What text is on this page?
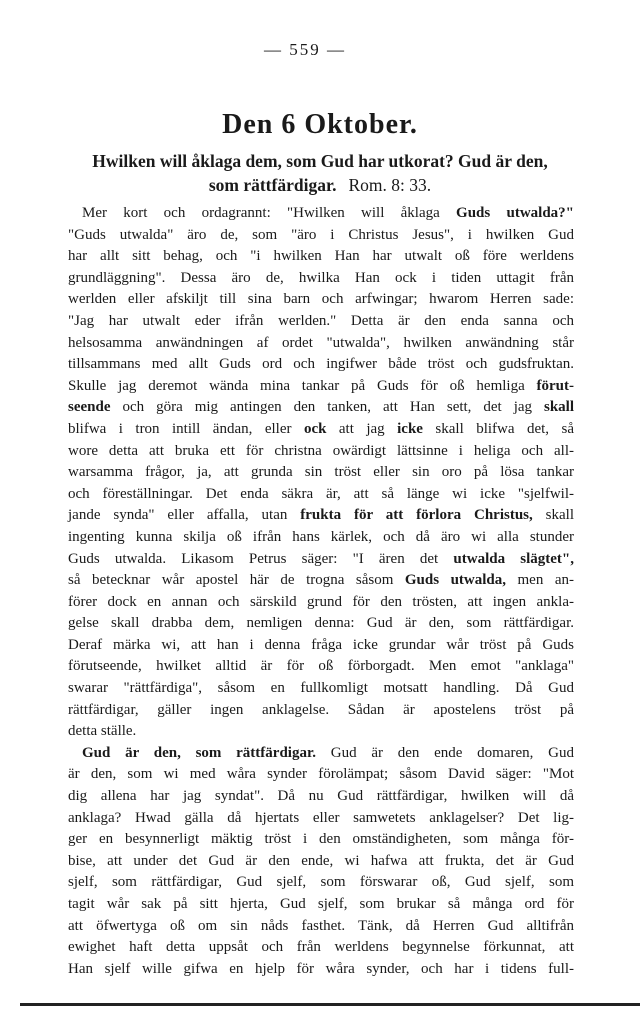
— 559 —
Den 6 Oktober.
Hwilken will åklaga dem, som Gud har utkorat? Gud är den,
som rättfärdigar. Rom. 8: 33.
Mer kort och ordagrannt: "Hwilken will åklaga Guds utwalda?"
"Guds utwalda" äro de, som "äro i Christus Jesus", i hwilken Gud
har allt sitt behag, och "i hwilken Han har utwalt oß före werldens
grundläggning". Dessa äro de, hwilka Han ock i tiden uttagit från
werlden eller afskiljt till sina barn och arfwingar; hwarom Herren sade:
"Jag har utwalt eder ifrån werlden." Detta är den enda sanna och
helsosamma anwändningen af ordet "utwalda", hwilken anwändning står
tillsammans med allt Guds ord och ingifwer både tröst och gudsfruktan.
Skulle jag deremot wända mina tankar på Guds för oß hemliga förut-
seende och göra mig antingen den tanken, att Han sett, det jag skall
blifwa i tron intill ändan, eller ock att jag icke skall blifwa det, så
wore detta att bruka ett för christna owärdigt lättsinne i heliga och all-
warsamma frågor, ja, att grunda sin tröst eller sin oro på lösa tankar
och föreställningar. Det enda säkra är, att så länge wi icke "sjelfwil-
jande synda" eller affalla, utan frukta för att förlora Christus, skall
ingenting kunna skilja oß ifrån hans kärlek, och då äro wi alla stunder
Guds utwalda. Likasom Petrus säger: "I ären det utwalda slägtet",
så betecknar wår apostel här de trogna såsom Guds utwalda, men an-
förer dock en annan och särskild grund för den trösten, att ingen ankla-
gelse skall drabba dem, nemligen denna: Gud är den, som rättfärdigar.
Deraf märka wi, att han i denna fråga icke grundar wår tröst på Guds
förutseende, hwilket alltid är för oß förborgadt. Men emot "anklaga"
swarar "rättfärdiga", såsom en fullkomligt motsatt handling. Då Gud
rättfärdigar, gäller ingen anklagelse. Sådan är apostelens tröst på
detta ställe.
Gud är den, som rättfärdigar. Gud är den ende domaren, Gud
är den, som wi med wåra synder förolämpat; såsom David säger: "Mot
dig allena har jag syndat". Då nu Gud rättfärdigar, hwilken will då
anklaga? Hwad gälla då hjertats eller samwetets anklagelser? Det lig-
ger en besynnerligt mäktig tröst i den omständigheten, som många för-
bise, att under det Gud är den ende, wi hafwa att frukta, det är Gud
sjelf, som rättfärdigar, Gud sjelf, som förswarar oß, Gud sjelf, som
tagit wår sak på sitt hjerta, Gud sjelf, som brukar så många ord för
att öfwertyga oß om sin nåds fasthet. Tänk, då Herren Gud alltifrån
ewighet haft detta uppsåt och från werldens begynnelse förkunnat, att
Han sjelf wille gifwa en hjelp för wåra synder, och har i tidens full-
